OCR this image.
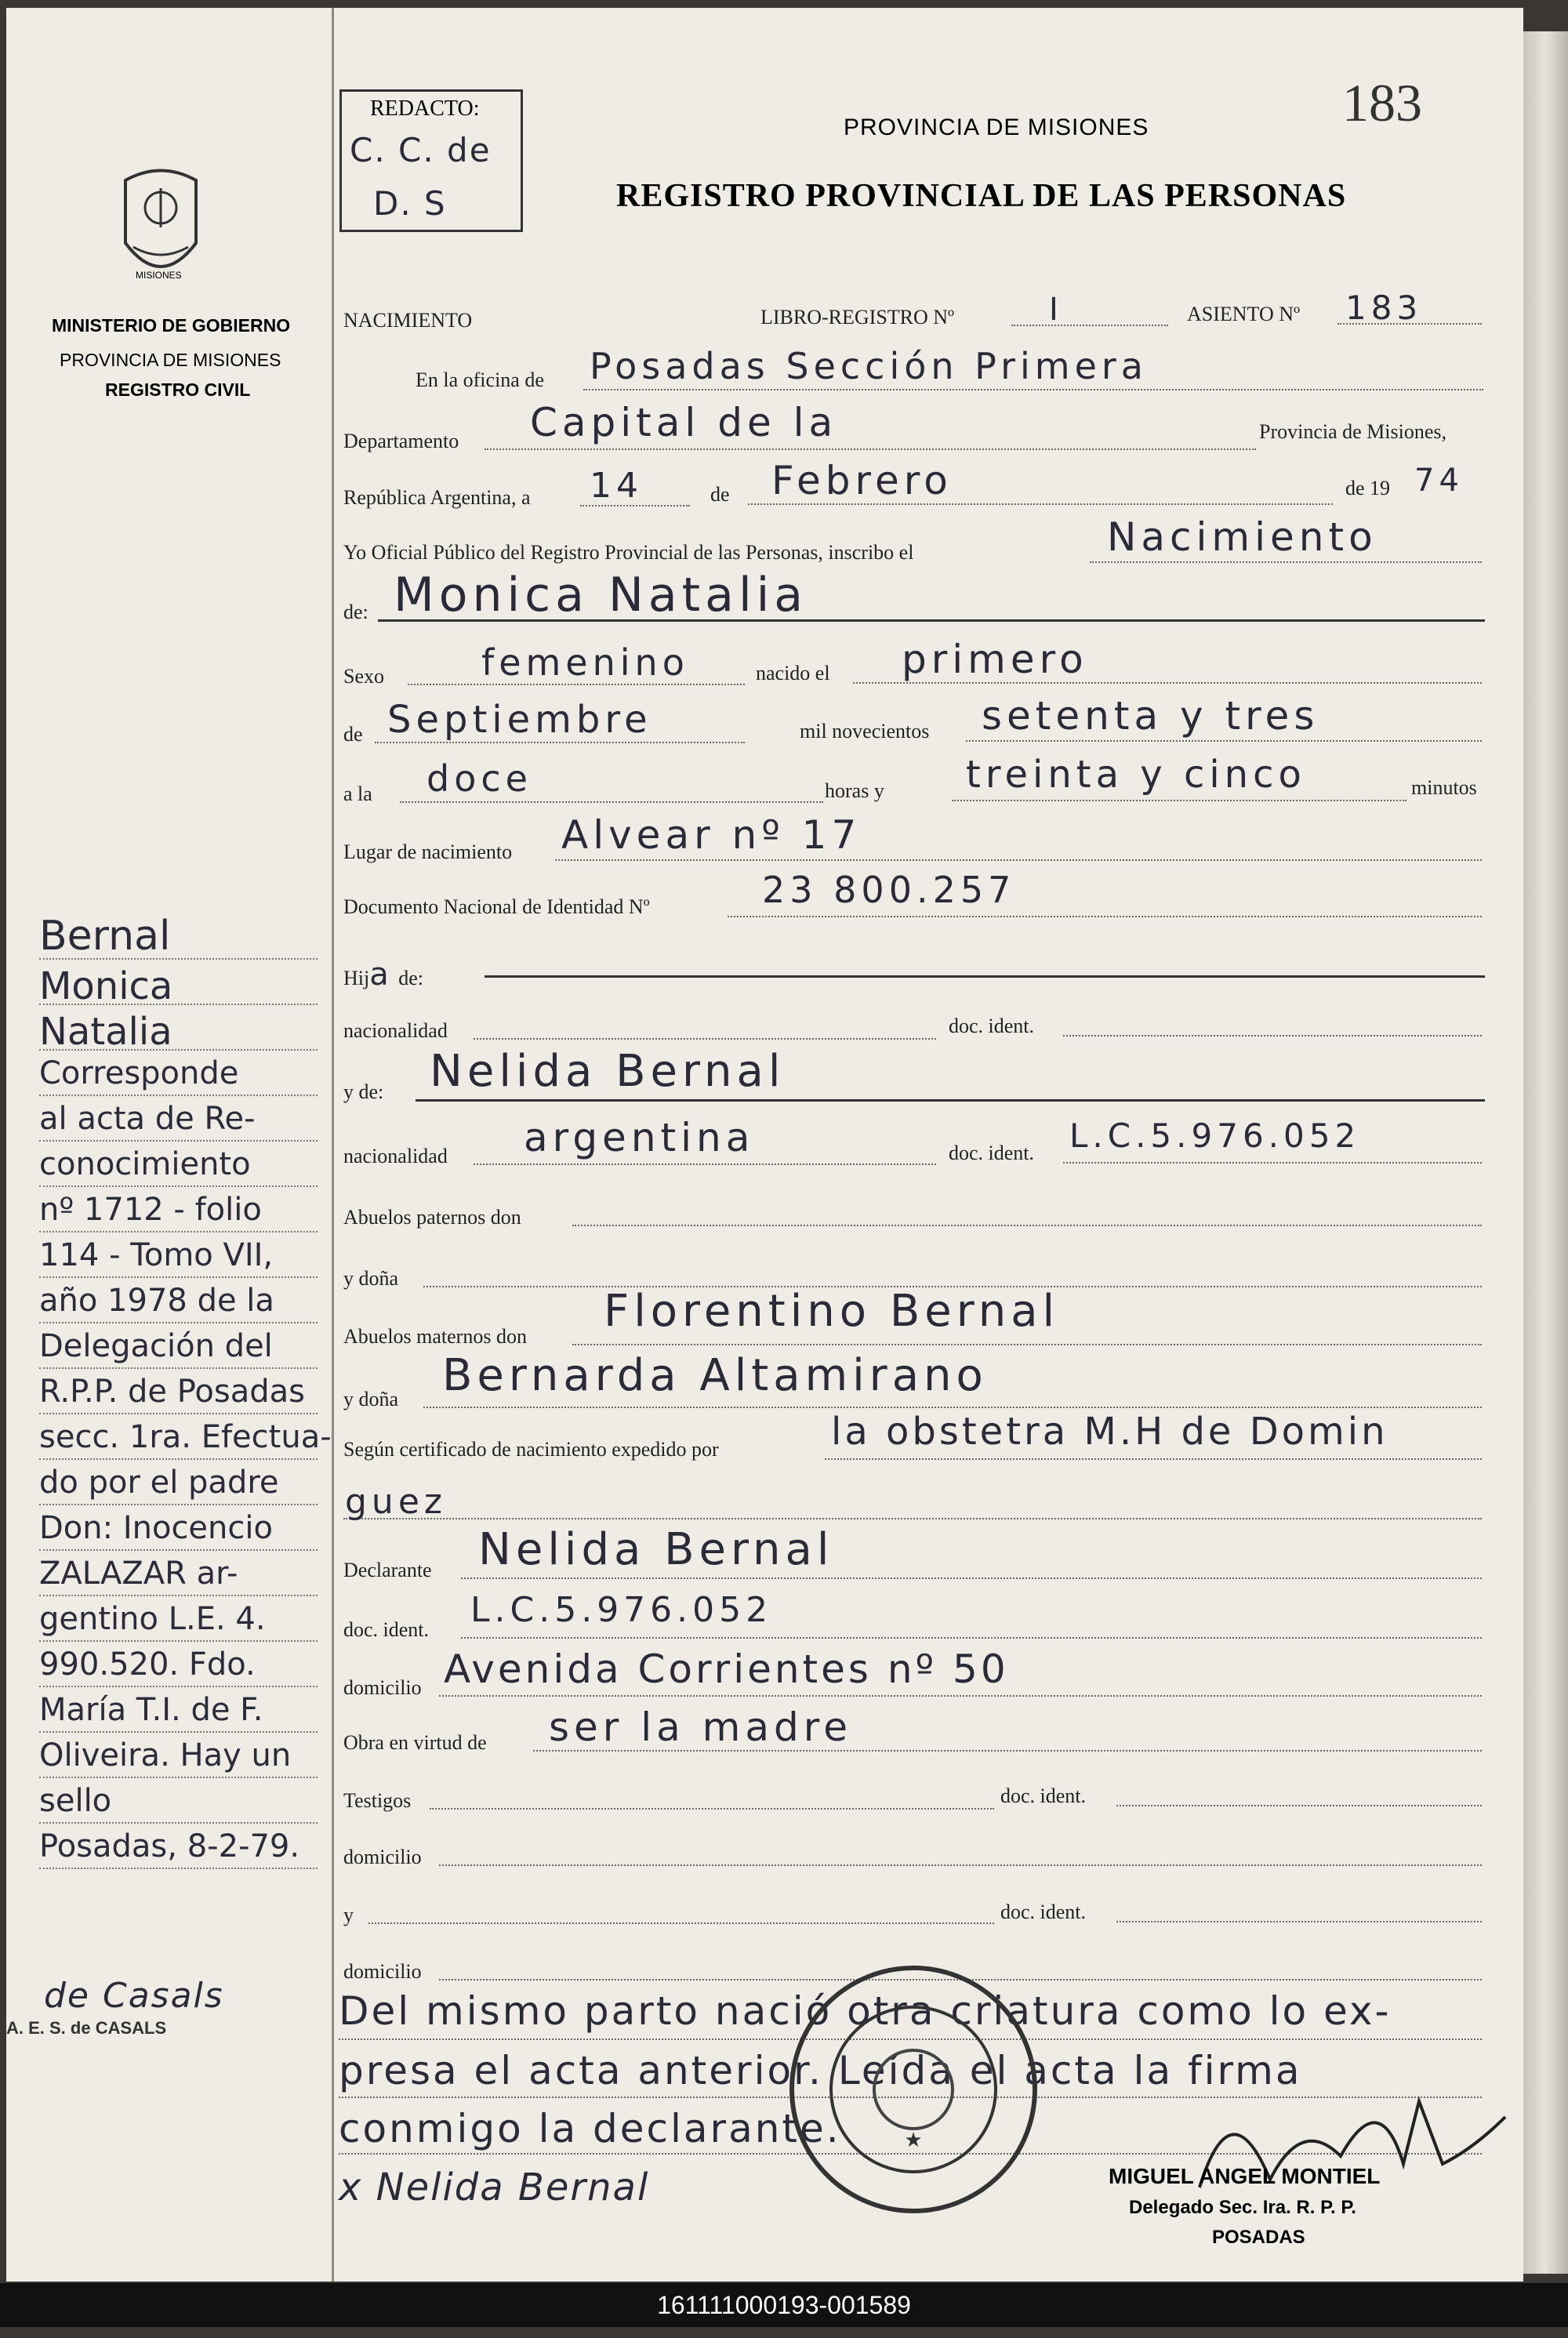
REDACTO:
C. C. de
D. S
183
PROVINCIA DE MISIONES
REGISTRO PROVINCIAL DE LAS PERSONAS
MISIONES
MINISTERIO DE GOBIERNO
PROVINCIA DE MISIONES
REGISTRO CIVIL
NACIMIENTO	LIBRO-REGISTRO Nº	I	ASIENTO Nº 183
En la oficina de Posadas Sección Primera
Departamento Capital de la	Provincia de Misiones,
República Argentina, a 14	de Febrero	de 19 74
Yo Oficial Público del Registro Provincial de las Personas, inscribo el	Nacimiento
de: Monica Natalia
Sexo	femenino	nacido el primero
de Septiembre	mil novecientos setenta y tres
a la doce	horas y treinta y cinco	minutos
Lugar de nacimiento Alvear nº 17
Documento Nacional de Identidad Nº	23 800.257
Hija de:
nacionalidad	doc. ident.
y de: Nelida Bernal
nacionalidad argentina	doc. ident. L.C.5.976.052
Abuelos paternos don
y doña
Abuelos maternos don Florentino Bernal
y doña Bernarda Altamirano
Según certificado de nacimiento expedido por	la obstetra M.H de Domin
guez
Declarante Nelida Bernal
doc. ident. L.C.5.976.052
domicilio Avenida Corrientes nº 50
Obra en virtud de ser la madre
Testigos	doc. ident.
domicilio
y	doc. ident.
domicilio
Del mismo parto nació otra criatura como lo ex-
presa el acta anterior. Leída el acta la firma
conmigo la declarante.
x Nelida Bernal
★
MIGUEL ANGEL MONTIEL
Delegado Sec. Ira. R. P. P.
POSADAS
Bernal
Monica
Natalia
Corresponde
al acta de Re-
conocimiento
nº 1712 - folio
114 - Tomo VII,
año 1978 de la
Delegación del
R.P.P. de Posadas
secc. 1ra. Efectua-
do por el padre
Don: Inocencio
ZALAZAR ar-
gentino L.E. 4.
990.520. Fdo.
María T.I. de F.
Oliveira. Hay un
sello
Posadas, 8-2-79.
de Casals
A. E. S. de CASALS
161111000193-001589
